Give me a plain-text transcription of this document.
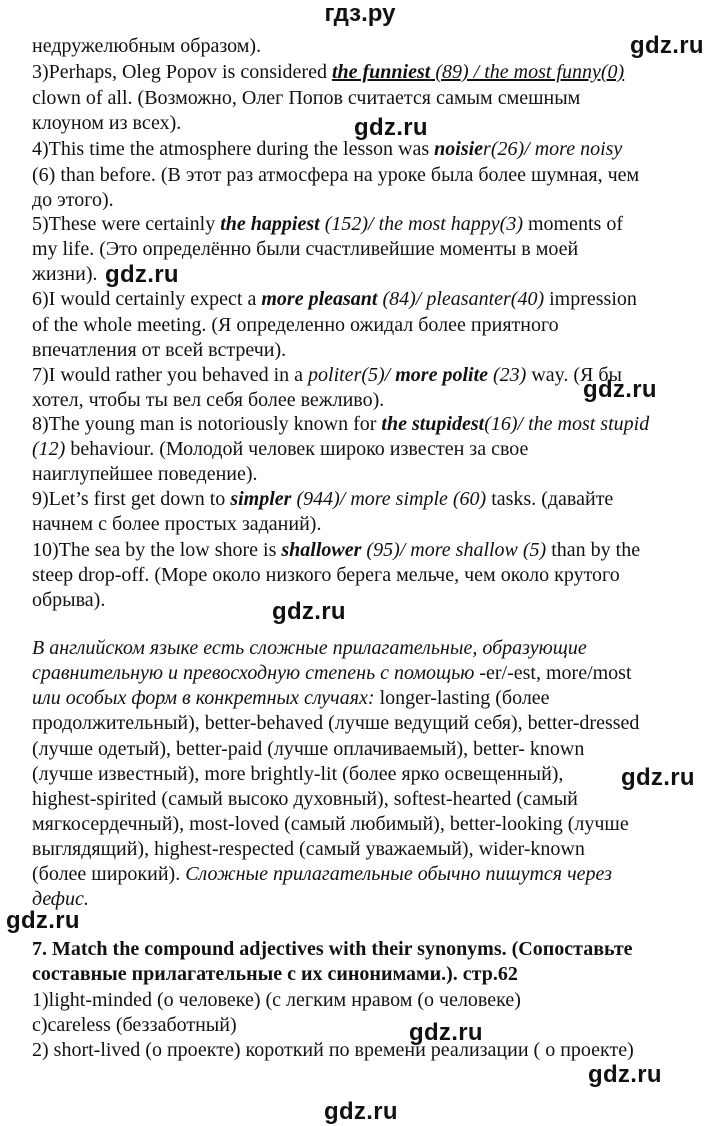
гдз.ру
gdz.ru
gdz.ru
gdz.ru
gdz.ru
gdz.ru
gdz.ru
gdz.ru
gdz.ru
gdz.ru
gdz.ru
недружелюбным образом).
3)Perhaps, Oleg Popov is considered the funniest (89) / the most funny(0)
clown of all. (Возможно, Олег Попов считается самым смешным
клоуном из всех).
4)This time the atmosphere during the lesson was noisier(26)/ more noisy
(6) than before. (В этот раз атмосфера на уроке была более шумная, чем
до этого).
5)These were certainly the happiest (152)/ the most happy(3) moments of
my life. (Это определённо были счастливейшие моменты в моей
жизни).
6)I would certainly expect a more pleasant (84)/ pleasanter(40) impression
of the whole meeting. (Я определенно ожидал более приятного
впечатления от всей встречи).
7)I would rather you behaved in a politer(5)/ more polite (23) way. (Я бы
хотел, чтобы ты вел себя более вежливо).
8)The young man is notoriously known for the stupidest(16)/ the most stupid
(12) behaviour. (Молодой человек широко известен за свое
наиглупейшее поведение).
9)Let’s first get down to simpler (944)/ more simple (60) tasks. (давайте
начнем с более простых заданий).
10)The sea by the low shore is shallower (95)/ more shallow (5) than by the
steep drop-off. (Море около низкого берега мельче, чем около крутого
обрыва).
В английском языке есть сложные прилагательные, образующие
сравнительную и превосходную степень с помощью -er/-est, more/most
или особых форм в конкретных случаях: longer-lasting (более
продолжительный), better-behaved (лучше ведущий себя), better-dressed
(лучше одетый), better-paid (лучше оплачиваемый), better- known
(лучше известный), more brightly-lit (более ярко освещенный),
highest-spirited (самый высоко духовный), softest-hearted (самый
мягкосердечный), most-loved (самый любимый), better-looking (лучше
выглядящий), highest-respected (самый уважаемый), wider-known
(более широкий). Сложные прилагательные обычно пишутся через
дефис.
7. Match the compound adjectives with their synonyms. (Сопоставьте
составные прилагательные с их синонимами.). стр.62
1)light-minded (о человеке) (с легким нравом (о человеке)
c)careless (беззаботный)
2) short-lived (о проекте) короткий по времени реализации ( о проекте)
